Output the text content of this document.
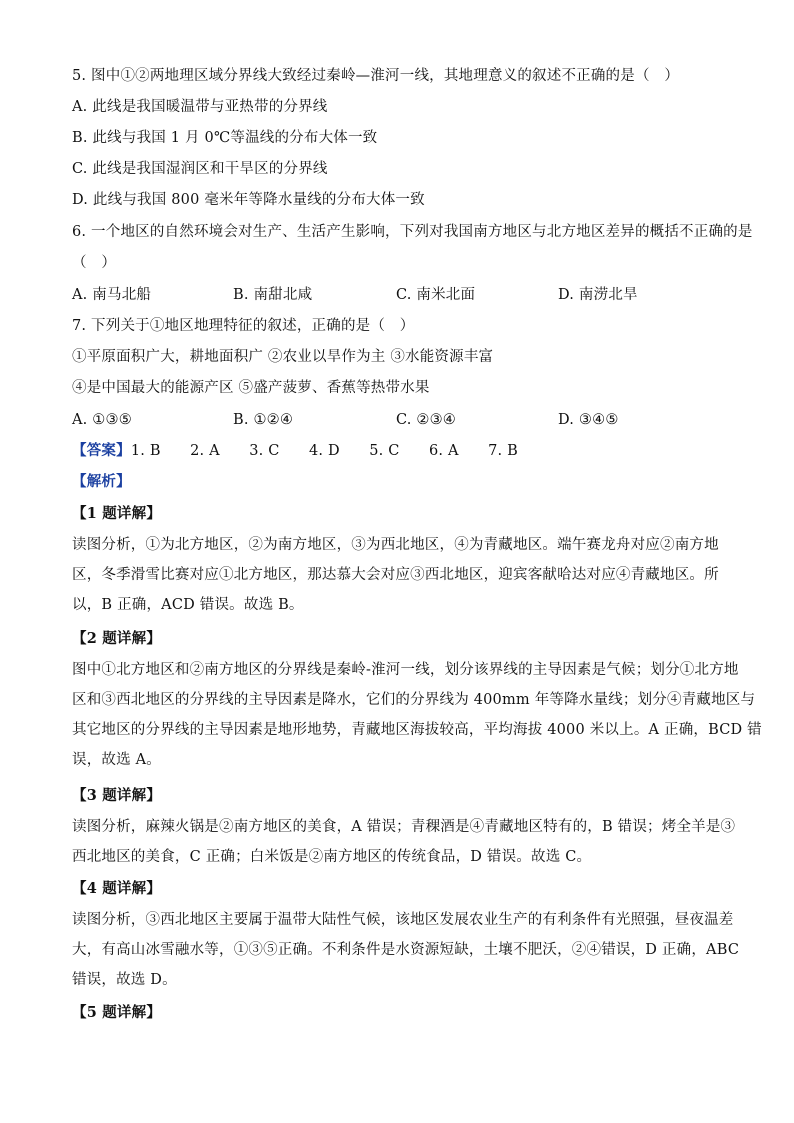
5. 图中①②两地理区域分界线大致经过秦岭—淮河一线，其地理意义的叙述不正确的是（　）
A. 此线是我国暖温带与亚热带的分界线
B. 此线与我国 1 月 0℃等温线的分布大体一致
C. 此线是我国湿润区和干旱区的分界线
D. 此线与我国 800 毫米年等降水量线的分布大体一致
6. 一个地区的自然环境会对生产、生活产生影响，下列对我国南方地区与北方地区差异的概括不正确的是
（　）
A. 南马北船	B. 南甜北咸	C. 南米北面	D. 南涝北旱
7. 下列关于①地区地理特征的叙述，正确的是（　）
①平原面积广大，耕地面积广 ②农业以旱作为主 ③水能资源丰富
④是中国最大的能源产区 ⑤盛产菠萝、香蕉等热带水果
A. ①③⑤	B. ①②④	C. ②③④	D. ③④⑤
【答案】1. B　　2. A　　3. C　　4. D　　5. C　　6. A　　7. B
【解析】
【1 题详解】
读图分析，①为北方地区，②为南方地区，③为西北地区，④为青藏地区。端午赛龙舟对应②南方地
区，冬季滑雪比赛对应①北方地区，那达慕大会对应③西北地区，迎宾客献哈达对应④青藏地区。所
以，B 正确，ACD 错误。故选 B。
【2 题详解】
图中①北方地区和②南方地区的分界线是秦岭-淮河一线，划分该界线的主导因素是气候；划分①北方地
区和③西北地区的分界线的主导因素是降水，它们的分界线为 400mm 年等降水量线；划分④青藏地区与
其它地区的分界线的主导因素是地形地势，青藏地区海拔较高，平均海拔 4000 米以上。A 正确，BCD 错
误，故选 A。
【3 题详解】
读图分析，麻辣火锅是②南方地区的美食，A 错误；青稞酒是④青藏地区特有的，B 错误；烤全羊是③
西北地区的美食，C 正确；白米饭是②南方地区的传统食品，D 错误。故选 C。
【4 题详解】
读图分析，③西北地区主要属于温带大陆性气候，该地区发展农业生产的有利条件有光照强，昼夜温差
大，有高山冰雪融水等，①③⑤正确。不利条件是水资源短缺，土壤不肥沃，②④错误，D 正确，ABC
错误，故选 D。
【5 题详解】
